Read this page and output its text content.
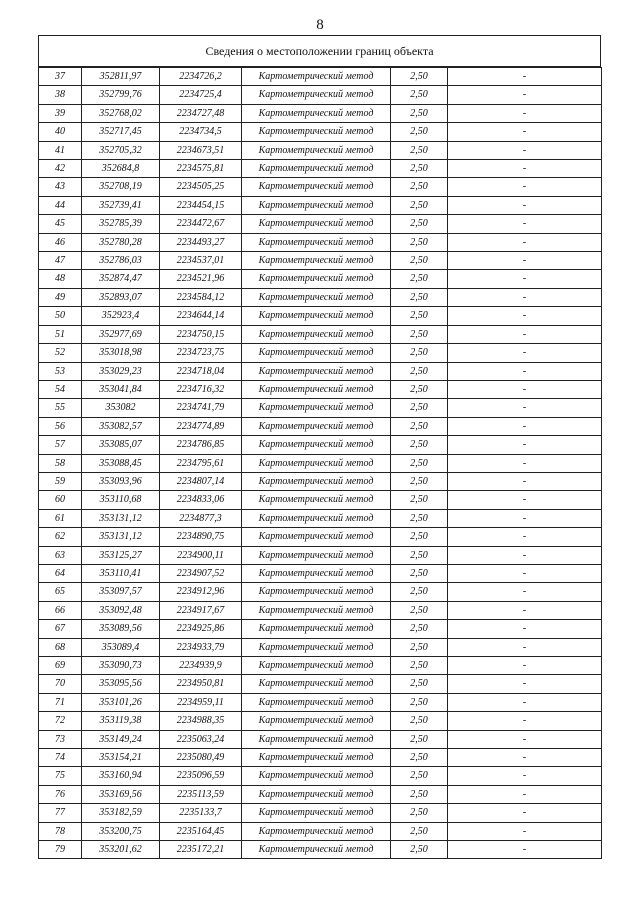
8
Сведения о местоположении границ объекта
37	352811,97	2234726,2	Картометрический метод	2,50	-
38	352799,76	2234725,4	Картометрический метод	2,50	-
39	352768,02	2234727,48	Картометрический метод	2,50	-
40	352717,45	2234734,5	Картометрический метод	2,50	-
41	352705,32	2234673,51	Картометрический метод	2,50	-
42	352684,8	2234575,81	Картометрический метод	2,50	-
43	352708,19	2234505,25	Картометрический метод	2,50	-
44	352739,41	2234454,15	Картометрический метод	2,50	-
45	352785,39	2234472,67	Картометрический метод	2,50	-
46	352780,28	2234493,27	Картометрический метод	2,50	-
47	352786,03	2234537,01	Картометрический метод	2,50	-
48	352874,47	2234521,96	Картометрический метод	2,50	-
49	352893,07	2234584,12	Картометрический метод	2,50	-
50	352923,4	2234644,14	Картометрический метод	2,50	-
51	352977,69	2234750,15	Картометрический метод	2,50	-
52	353018,98	2234723,75	Картометрический метод	2,50	-
53	353029,23	2234718,04	Картометрический метод	2,50	-
54	353041,84	2234716,32	Картометрический метод	2,50	-
55	353082	2234741,79	Картометрический метод	2,50	-
56	353082,57	2234774,89	Картометрический метод	2,50	-
57	353085,07	2234786,85	Картометрический метод	2,50	-
58	353088,45	2234795,61	Картометрический метод	2,50	-
59	353093,96	2234807,14	Картометрический метод	2,50	-
60	353110,68	2234833,06	Картометрический метод	2,50	-
61	353131,12	2234877,3	Картометрический метод	2,50	-
62	353131,12	2234890,75	Картометрический метод	2,50	-
63	353125,27	2234900,11	Картометрический метод	2,50	-
64	353110,41	2234907,52	Картометрический метод	2,50	-
65	353097,57	2234912,96	Картометрический метод	2,50	-
66	353092,48	2234917,67	Картометрический метод	2,50	-
67	353089,56	2234925,86	Картометрический метод	2,50	-
68	353089,4	2234933,79	Картометрический метод	2,50	-
69	353090,73	2234939,9	Картометрический метод	2,50	-
70	353095,56	2234950,81	Картометрический метод	2,50	-
71	353101,26	2234959,11	Картометрический метод	2,50	-
72	353119,38	2234988,35	Картометрический метод	2,50	-
73	353149,24	2235063,24	Картометрический метод	2,50	-
74	353154,21	2235080,49	Картометрический метод	2,50	-
75	353160,94	2235096,59	Картометрический метод	2,50	-
76	353169,56	2235113,59	Картометрический метод	2,50	-
77	353182,59	2235133,7	Картометрический метод	2,50	-
78	353200,75	2235164,45	Картометрический метод	2,50	-
79	353201,62	2235172,21	Картометрический метод	2,50	-
